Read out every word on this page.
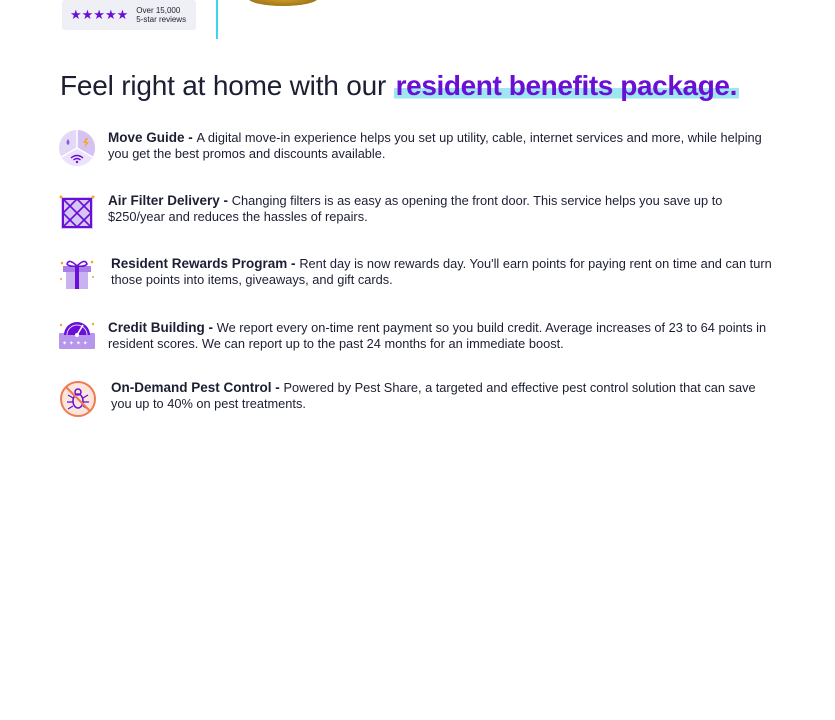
★★★★★ Over 15,000
5-star reviews
Feel right at home with our resident benefits package.

Move Guide - A digital move-in experience helps you set up utility, cable, internet services and more, while helping you get the best promos and discounts available.

Air Filter Delivery - Changing filters is as easy as opening the front door. This service helps you save up to $250/year and reduces the hassles of repairs.

Resident Rewards Program - Rent day is now rewards day. You'll earn points for paying rent on time and can turn those points into items, giveaways, and gift cards.

✦ ✦ ✦ ✦

Credit Building - We report every on-time rent payment so you build credit. Average increases of 23 to 64 points in resident scores. We can report up to the past 24 months for an immediate boost.

On-Demand Pest Control - Powered by Pest Share, a targeted and effective pest control solution that can save you up to 40% on pest treatments.
